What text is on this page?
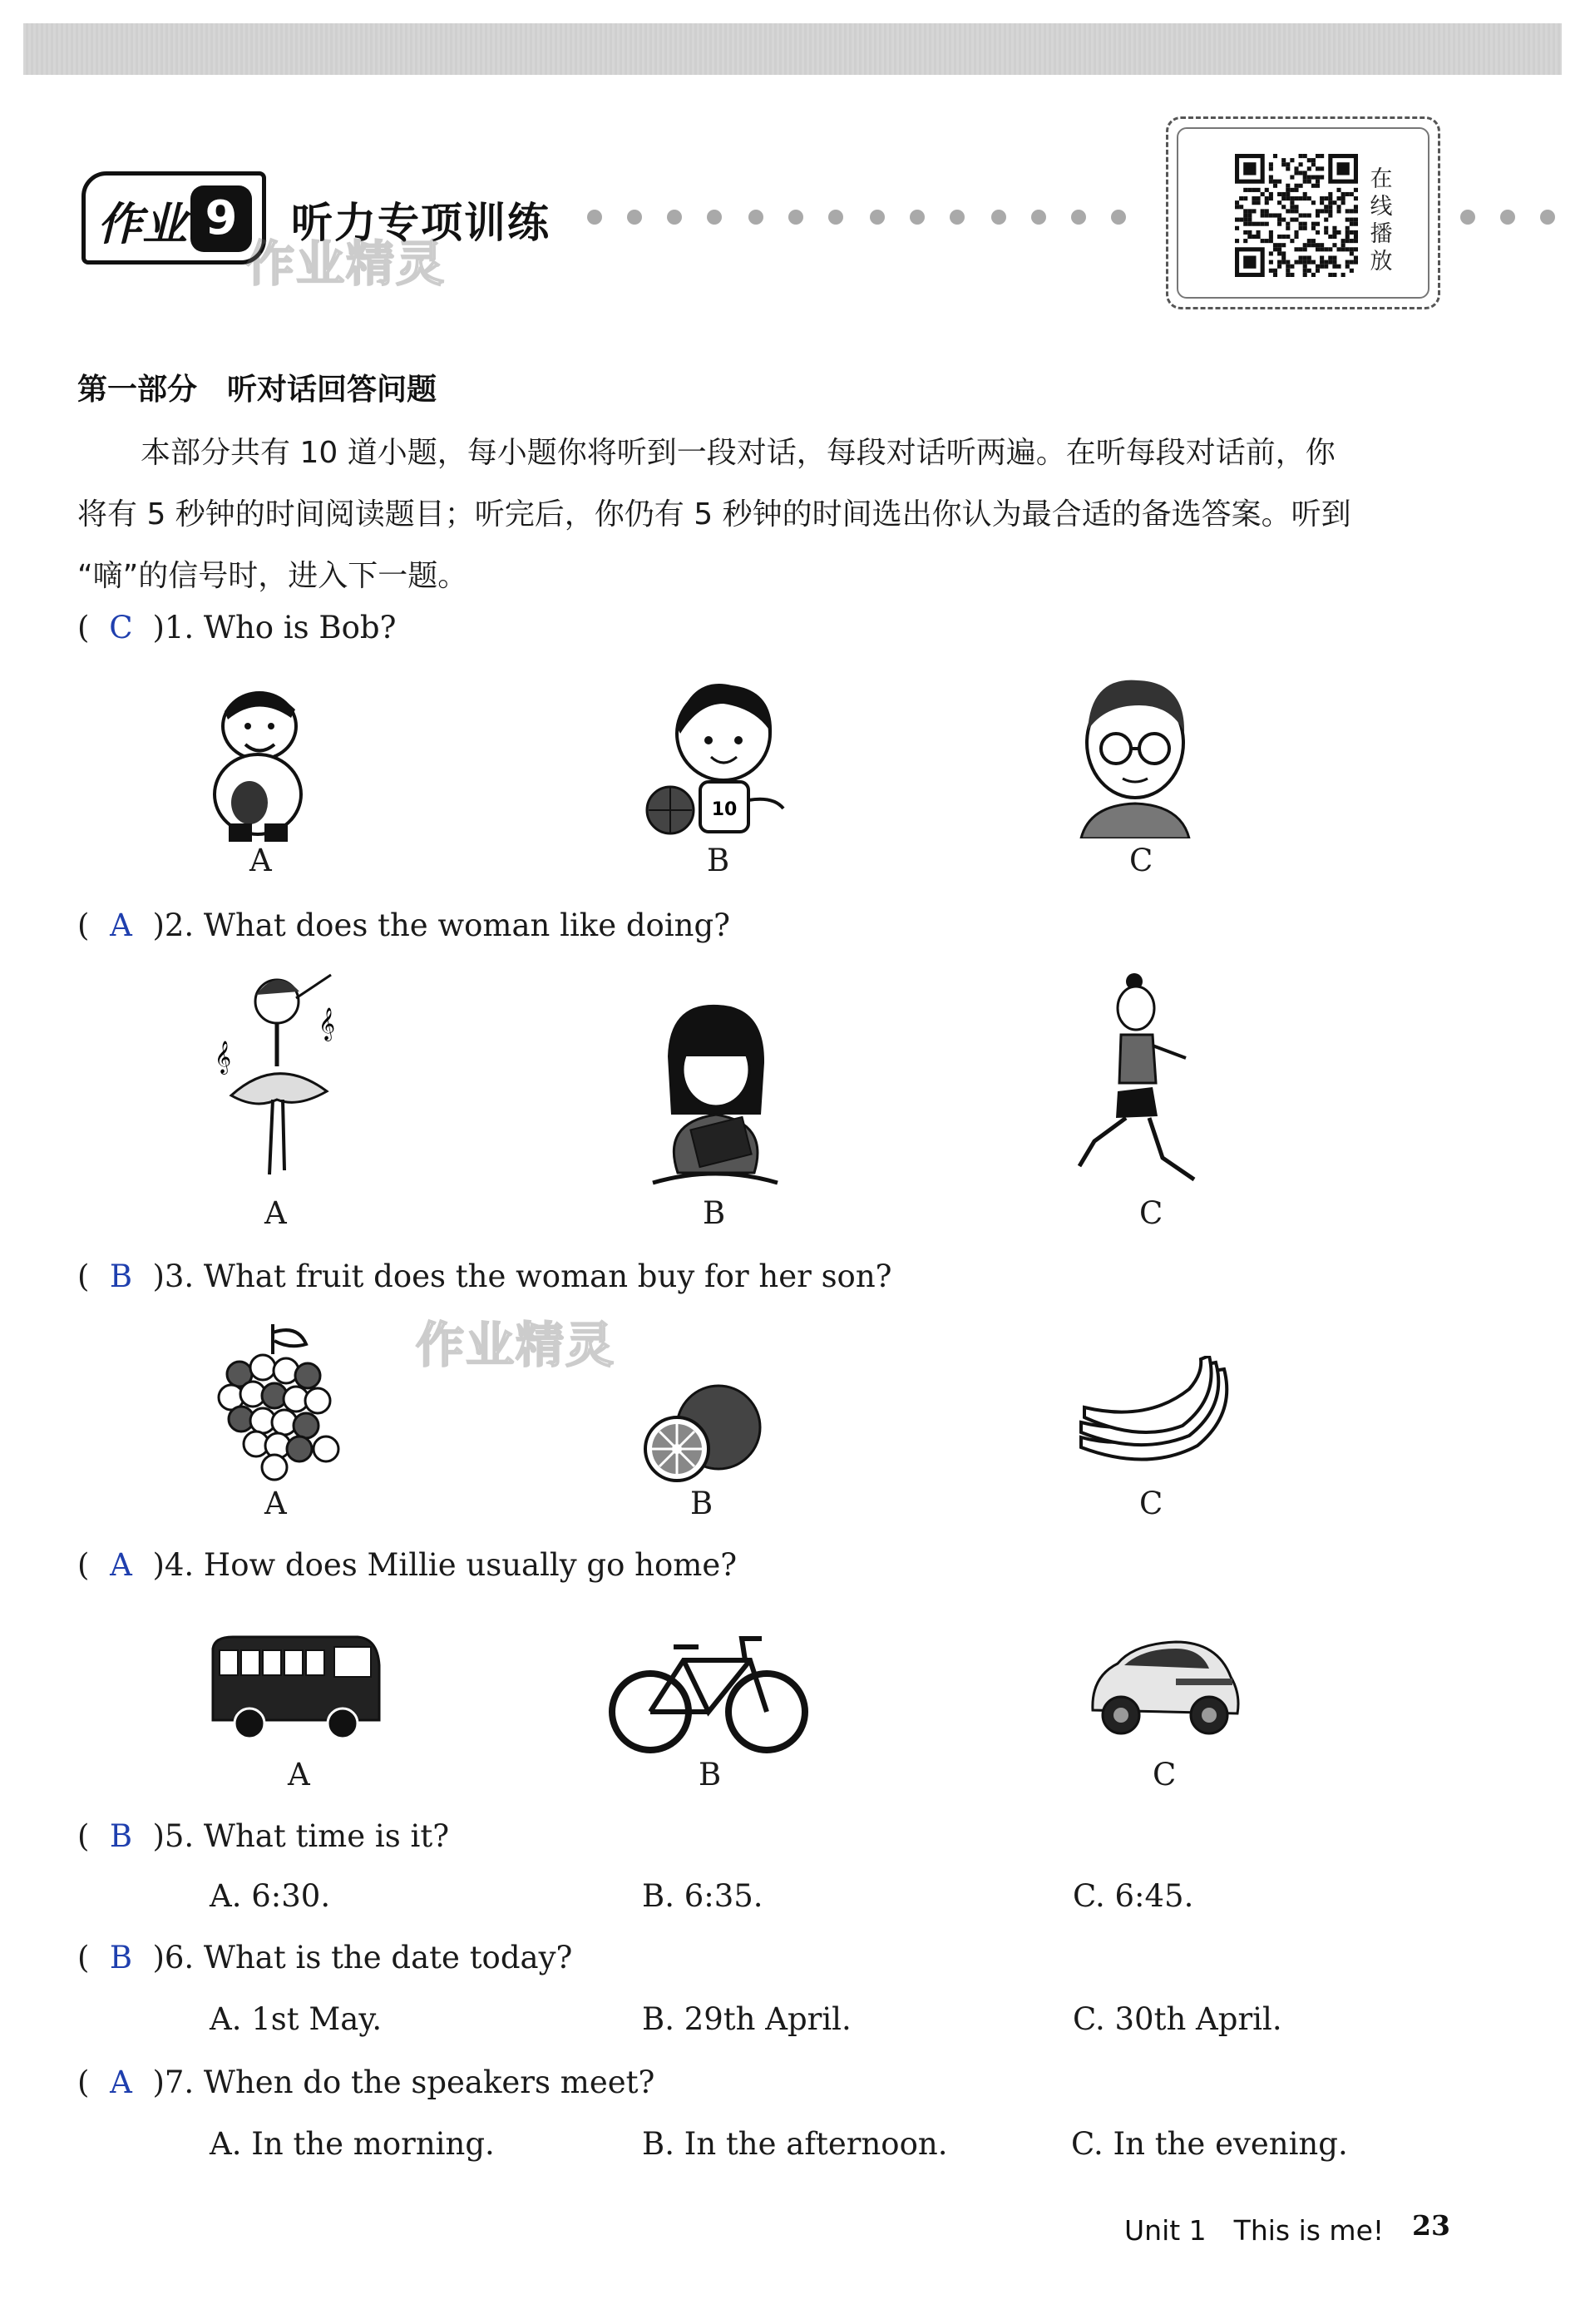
作业 9	听力专项训练
作业精灵
作业精灵
在线播放
第一部分　听对话回答问题
本部分共有 10 道小题，每小题你将听到一段对话，每段对话听两遍。在听每段对话前，你
将有 5 秒钟的时间阅读题目；听完后，你仍有 5 秒钟的时间选出你认为最合适的备选答案。听到
“嘀”的信号时，进入下一题。
( C )1. Who is Bob?
10
A	B	C
( A )2. What does the woman like doing?
𝄞
𝄞
A	B	C
( B )3. What fruit does the woman buy for her son?
A	B	C
( A )4. How does Millie usually go home?
A	B	C
( B )5. What time is it?
A. 6:30.	B. 6:35.	C. 6:45.
( B )6. What is the date today?
A. 1st May.	B. 29th April.	C. 30th April.
( A )7. When do the speakers meet?
A. In the morning.	B. In the afternoon.	C. In the evening.
Unit 1　This is me! 23
